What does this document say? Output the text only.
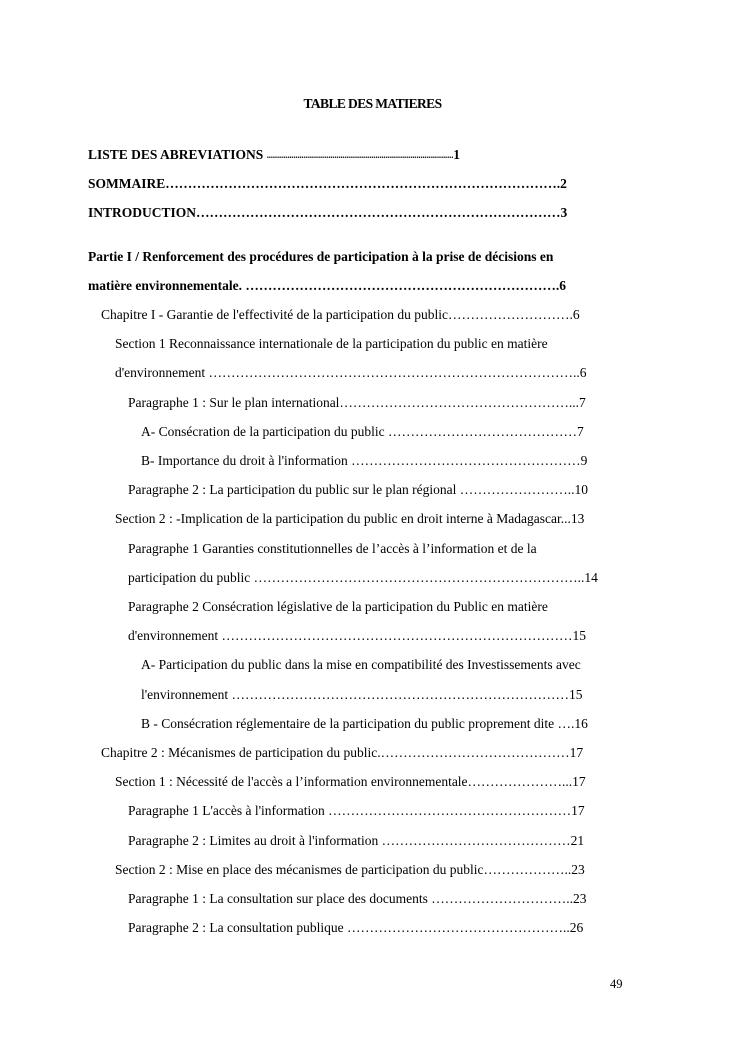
TABLE DES MATIERES
LISTE DES ABREVIATIONS ...........................................................................................1
SOMMAIRE…………………………………………………………………………….2
INTRODUCTION………………………………………………………………………3
Partie I / Renforcement des procédures de participation à la prise de décisions en
matière environnementale. …………………………………………………………….6
Chapitre I - Garantie de l'effectivité de la participation du public……………………….6
Section 1 Reconnaissance internationale de la participation du public en matière
d'environnement ………………………………………………………………………..6
Paragraphe 1 : Sur le plan international……………………………………………...7
A- Consécration de la participation du public ……………………………………7
B- Importance du droit à l'information ……………………………………………9
Paragraphe 2 : La participation du public sur le plan régional ……………………..10
Section 2 : -Implication de la participation du public en droit interne à Madagascar...13
Paragraphe 1 Garanties constitutionnelles de l’accès à l’information et de la
participation du public ………………………………………………………………..14
Paragraphe 2 Consécration législative de la participation du Public en matière
d'environnement ……………………………………………………………………15
A- Participation du public dans la mise en compatibilité des Investissements avec
l'environnement …………………………………………………………………15
B - Consécration réglementaire de la participation du public proprement dite ….16
Chapitre 2 : Mécanismes de participation du public.……………………………………17
Section 1 : Nécessité de l'accès a l’information environnementale…………………...17
Paragraphe 1 L'accès à l'information ………………………………………………17
Paragraphe 2 : Limites au droit à l'information ……………………………………21
Section 2 : Mise en place des mécanismes de participation du public………………..23
Paragraphe 1 : La consultation sur place des documents …………………………..23
Paragraphe 2 : La consultation publique …………………………………………..26
49
